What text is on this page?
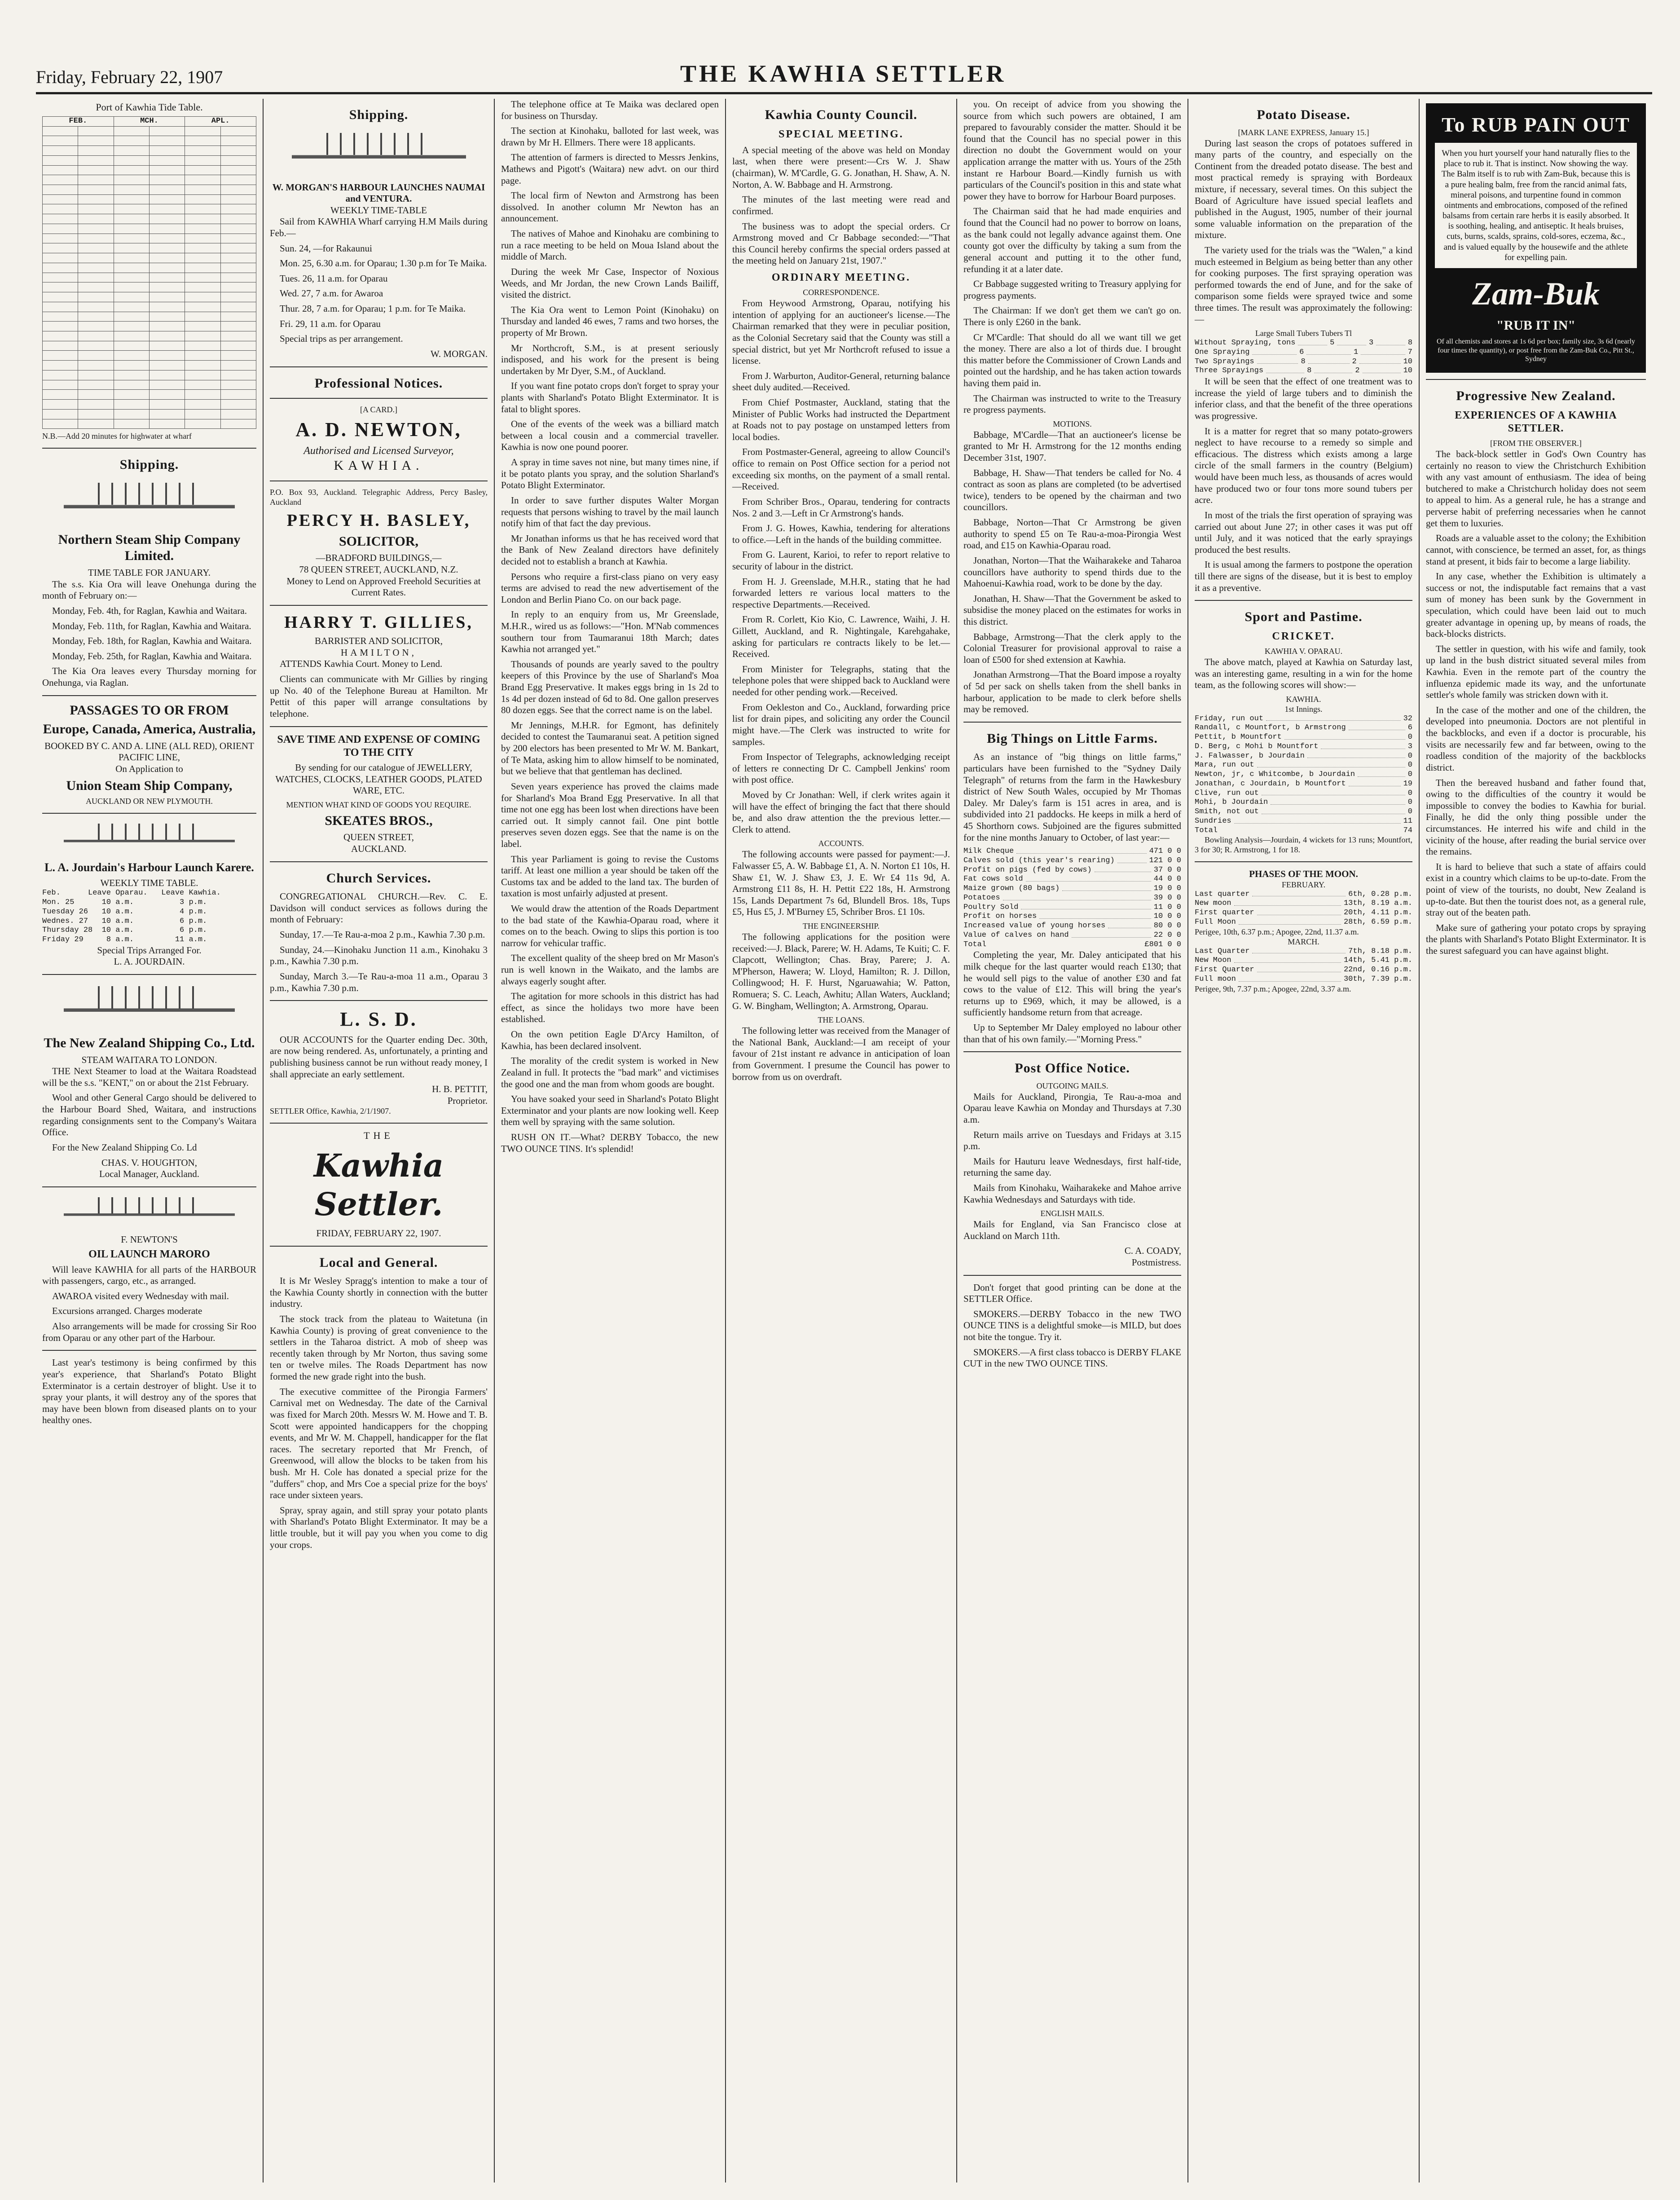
Friday, February 22, 1907	THE KAWHIA SETTLER
Port of Kawhia Tide Table.
FEB.		MCH.		APL.	

N.B.—Add 20 minutes for highwater at wharf
Shipping.
Northern Steam Ship Company Limited.
TIME TABLE FOR JANUARY.

The s.s. Kia Ora will leave Onehunga during the month of February on:—

Monday, Feb. 4th, for Raglan, Kawhia and Waitara.

Monday, Feb. 11th, for Raglan, Kawhia and Waitara.

Monday, Feb. 18th, for Raglan, Kawhia and Waitara.

Monday, Feb. 25th, for Raglan, Kawhia and Waitara.

The Kia Ora leaves every Thursday morning for Onehunga, via Raglan.

PASSAGES TO OR FROM
Europe, Canada, America, Australia,
BOOKED BY C. AND A. LINE (ALL RED), ORIENT PACIFIC LINE,
On Application to
Union Steam Ship Company,
AUCKLAND OR NEW PLYMOUTH.
L. A. Jourdain's Harbour Launch Karere.
WEEKLY TIME TABLE.
Feb.      Leave Oparau.   Leave Kawhia.
Mon. 25      10 a.m.          3 p.m.
Tuesday 26   10 a.m.          4 p.m.
Wednes. 27   10 a.m.          6 p.m.
Thursday 28  10 a.m.          6 p.m.
Friday 29     8 a.m.         11 a.m.
Special Trips Arranged For.
L. A. JOURDAIN.
The New Zealand Shipping Co., Ltd.
STEAM WAITARA TO LONDON.

THE Next Steamer to load at the Waitara Roadstead will be the s.s. "KENT," on or about the 21st February.

Wool and other General Cargo should be delivered to the Harbour Board Shed, Waitara, and instructions regarding consignments sent to the Company's Waitara Office.

For the New Zealand Shipping Co. Ld

CHAS. V. HOUGHTON,
Local Manager, Auckland.
F. NEWTON'S
OIL LAUNCH MARORO

Will leave KAWHIA for all parts of the HARBOUR with passengers, cargo, etc., as arranged.

AWAROA visited every Wednesday with mail.

Excursions arranged. Charges moderate

Also arrangements will be made for crossing Sir Roo from Oparau or any other part of the Harbour.

Last year's testimony is being confirmed by this year's experience, that Sharland's Potato Blight Exterminator is a certain destroyer of blight. Use it to spray your plants, it will destroy any of the spores that may have been blown from diseased plants on to your healthy ones.

Shipping.
W. MORGAN'S HARBOUR LAUNCHES NAUMAI and VENTURA.
WEEKLY TIME-TABLE

Sail from KAWHIA Wharf carrying H.M Mails during Feb.—

Sun. 24, —for Rakaunui

Mon. 25, 6.30 a.m. for Oparau; 1.30 p.m for Te Maika.

Tues. 26, 11 a.m. for Oparau

Wed. 27, 7 a.m. for Awaroa

Thur. 28, 7 a.m. for Oparau; 1 p.m. for Te Maika.

Fri. 29, 11 a.m. for Oparau

Special trips as per arrangement.

W. MORGAN.
Professional Notices.
[A CARD.]
A. D. NEWTON,
Authorised and Licensed Surveyor,
KAWHIA.
P.O. Box 93, Auckland. Telegraphic Address, Percy Basley, Auckland
PERCY H. BASLEY,
SOLICITOR,
—BRADFORD BUILDINGS,—
78 QUEEN STREET, AUCKLAND, N.Z.

Money to Lend on Approved Freehold Securities at Current Rates.

HARRY T. GILLIES,
BARRISTER AND SOLICITOR,
HAMILTON,

ATTENDS Kawhia Court. Money to Lend.

Clients can communicate with Mr Gillies by ringing up No. 40 of the Telephone Bureau at Hamilton. Mr Pettit of this paper will arrange consultations by telephone.

SAVE TIME AND EXPENSE OF COMING TO THE CITY

By sending for our catalogue of JEWELLERY, WATCHES, CLOCKS, LEATHER GOODS, PLATED WARE, ETC.

MENTION WHAT KIND OF GOODS YOU REQUIRE.
SKEATES BROS.,
QUEEN STREET,
AUCKLAND.
Church Services.

CONGREGATIONAL CHURCH.—Rev. C. E. Davidson will conduct services as follows during the month of February:

Sunday, 17.—Te Rau-a-moa 2 p.m., Kawhia 7.30 p.m.

Sunday, 24.—Kinohaku Junction 11 a.m., Kinohaku 3 p.m., Kawhia 7.30 p.m.

Sunday, March 3.—Te Rau-a-moa 11 a.m., Oparau 3 p.m., Kawhia 7.30 p.m.

L. S. D.

OUR ACCOUNTS for the Quarter ending Dec. 30th, are now being rendered. As, unfortunately, a printing and publishing business cannot be run without ready money, I shall appreciate an early settlement.

H. B. PETTIT,
Proprietor.
SETTLER Office, Kawhia, 2/1/1907.
THE
Kawhia Settler.
FRIDAY, FEBRUARY 22, 1907.
Local and General.

It is Mr Wesley Spragg's intention to make a tour of the Kawhia County shortly in connection with the butter industry.

The stock track from the plateau to Waitetuna (in Kawhia County) is proving of great convenience to the settlers in the Taharoa district. A mob of sheep was recently taken through by Mr Norton, thus saving some ten or twelve miles. The Roads Department has now formed the new grade right into the bush.

The executive committee of the Pirongia Farmers' Carnival met on Wednesday. The date of the Carnival was fixed for March 20th. Messrs W. M. Howe and T. B. Scott were appointed handicappers for the chopping events, and Mr W. M. Chappell, handicapper for the flat races. The secretary reported that Mr French, of Greenwood, will allow the blocks to be taken from his bush. Mr H. Cole has donated a special prize for the "duffers" chop, and Mrs Coe a special prize for the boys' race under sixteen years.

Spray, spray again, and still spray your potato plants with Sharland's Potato Blight Exterminator. It may be a little trouble, but it will pay you when you come to dig your crops.

The telephone office at Te Maika was declared open for business on Thursday.

The section at Kinohaku, balloted for last week, was drawn by Mr H. Ellmers. There were 18 applicants.

The attention of farmers is directed to Messrs Jenkins, Mathews and Pigott's (Waitara) new advt. on our third page.

The local firm of Newton and Armstrong has been dissolved. In another column Mr Newton has an announcement.

The natives of Mahoe and Kinohaku are combining to run a race meeting to be held on Moua Island about the middle of March.

During the week Mr Case, Inspector of Noxious Weeds, and Mr Jordan, the new Crown Lands Bailiff, visited the district.

The Kia Ora went to Lemon Point (Kinohaku) on Thursday and landed 46 ewes, 7 rams and two horses, the property of Mr Brown.

Mr Northcroft, S.M., is at present seriously indisposed, and his work for the present is being undertaken by Mr Dyer, S.M., of Auckland.

If you want fine potato crops don't forget to spray your plants with Sharland's Potato Blight Exterminator. It is fatal to blight spores.

One of the events of the week was a billiard match between a local cousin and a commercial traveller. Kawhia is now one pound poorer.

A spray in time saves not nine, but many times nine, if it be potato plants you spray, and the solution Sharland's Potato Blight Exterminator.

In order to save further disputes Walter Morgan requests that persons wishing to travel by the mail launch notify him of that fact the day previous.

Mr Jonathan informs us that he has received word that the Bank of New Zealand directors have definitely decided not to establish a branch at Kawhia.

Persons who require a first-class piano on very easy terms are advised to read the new advertisement of the London and Berlin Piano Co. on our back page.

In reply to an enquiry from us, Mr Greenslade, M.H.R., wired us as follows:—"Hon. M'Nab commences southern tour from Taumaranui 18th March; dates Kawhia not arranged yet."

Thousands of pounds are yearly saved to the poultry keepers of this Province by the use of Sharland's Moa Brand Egg Preservative. It makes eggs bring in 1s 2d to 1s 4d per dozen instead of 6d to 8d. One gallon preserves 80 dozen eggs. See that the correct name is on the label.

Mr Jennings, M.H.R. for Egmont, has definitely decided to contest the Taumaranui seat. A petition signed by 200 electors has been presented to Mr W. M. Bankart, of Te Mata, asking him to allow himself to be nominated, but we believe that that gentleman has declined.

Seven years experience has proved the claims made for Sharland's Moa Brand Egg Preservative. In all that time not one egg has been lost when directions have been carried out. It simply cannot fail. One pint bottle preserves seven dozen eggs. See that the name is on the label.

This year Parliament is going to revise the Customs tariff. At least one million a year should be taken off the Customs tax and be added to the land tax. The burden of taxation is most unfairly adjusted at present.

We would draw the attention of the Roads Department to the bad state of the Kawhia-Oparau road, where it comes on to the beach. Owing to slips this portion is too narrow for vehicular traffic.

The excellent quality of the sheep bred on Mr Mason's run is well known in the Waikato, and the lambs are always eagerly sought after.

The agitation for more schools in this district has had effect, as since the holidays two more have been established.

On the own petition Eagle D'Arcy Hamilton, of Kawhia, has been declared insolvent.

The morality of the credit system is worked in New Zealand in full. It protects the "bad mark" and victimises the good one and the man from whom goods are bought.

You have soaked your seed in Sharland's Potato Blight Exterminator and your plants are now looking well. Keep them well by spraying with the same solution.

RUSH ON IT.—What? DERBY Tobacco, the new TWO OUNCE TINS. It's splendid!

Kawhia County Council.
SPECIAL MEETING.

A special meeting of the above was held on Monday last, when there were present:—Crs W. J. Shaw (chairman), W. M'Cardle, G. G. Jonathan, H. Shaw, A. N. Norton, A. W. Babbage and H. Armstrong.

The minutes of the last meeting were read and confirmed.

The business was to adopt the special orders. Cr Armstrong moved and Cr Babbage seconded:—"That this Council hereby confirms the special orders passed at the meeting held on January 21st, 1907."

ORDINARY MEETING.
CORRESPONDENCE.

From Heywood Armstrong, Oparau, notifying his intention of applying for an auctioneer's license.—The Chairman remarked that they were in peculiar position, as the Colonial Secretary said that the County was still a special district, but yet Mr Northcroft refused to issue a license.

From J. Warburton, Auditor-General, returning balance sheet duly audited.—Received.

From Chief Postmaster, Auckland, stating that the Minister of Public Works had instructed the Department at Roads not to pay postage on unstamped letters from local bodies.

From Postmaster-General, agreeing to allow Council's office to remain on Post Office section for a period not exceeding six months, on the payment of a small rental.—Received.

From Schriber Bros., Oparau, tendering for contracts Nos. 2 and 3.—Left in Cr Armstrong's hands.

From J. G. Howes, Kawhia, tendering for alterations to office.—Left in the hands of the building committee.

From G. Laurent, Karioi, to refer to report relative to security of labour in the district.

From H. J. Greenslade, M.H.R., stating that he had forwarded letters re various local matters to the respective Departments.—Received.

From R. Corlett, Kio Kio, C. Lawrence, Waihi, J. H. Gillett, Auckland, and R. Nightingale, Karehgahake, asking for particulars re contracts likely to be let.—Received.

From Minister for Telegraphs, stating that the telephone poles that were shipped back to Auckland were needed for other pending work.—Received.

From Oekleston and Co., Auckland, forwarding price list for drain pipes, and soliciting any order the Council might have.—The Clerk was instructed to write for samples.

From Inspector of Telegraphs, acknowledging receipt of letters re connecting Dr C. Campbell Jenkins' room with post office.

Moved by Cr Jonathan: Well, if clerk writes again it will have the effect of bringing the fact that there should be, and also draw attention the the previous letter.—Clerk to attend.

ACCOUNTS.

The following accounts were passed for payment:—J. Falwasser £5, A. W. Babbage £1, A. N. Norton £1 10s, H. Shaw £1, W. J. Shaw £3, J. E. Wr £4 11s 9d, A. Armstrong £11 8s, H. H. Pettit £22 18s, H. Armstrong 15s, Lands Department 7s 6d, Blundell Bros. 18s, Tups £5, Hus £5, J. M'Burney £5, Schriber Bros. £1 10s.

THE ENGINEERSHIP.

The following applications for the position were received:—J. Black, Parere; W. H. Adams, Te Kuiti; C. F. Clapcott, Wellington; Chas. Bray, Parere; J. A. M'Pherson, Hawera; W. Lloyd, Hamilton; R. J. Dillon, Collingwood; H. F. Hurst, Ngaruawahia; W. Patton, Romuera; S. C. Leach, Awhitu; Allan Waters, Auckland; G. W. Bingham, Wellington; A. Armstrong, Oparau.

THE LOANS.

The following letter was received from the Manager of the National Bank, Auckland:—I am receipt of your favour of 21st instant re advance in anticipation of loan from Government. I presume the Council has power to borrow from us on overdraft.

you. On receipt of advice from you showing the source from which such powers are obtained, I am prepared to favourably consider the matter. Should it be found that the Council has no special power in this direction no doubt the Government would on your application arrange the matter with us. Yours of the 25th instant re Harbour Board.—Kindly furnish us with particulars of the Council's position in this and state what power they have to borrow for Harbour Board purposes.

The Chairman said that he had made enquiries and found that the Council had no power to borrow on loans, as the bank could not legally advance against them. One county got over the difficulty by taking a sum from the general account and putting it to the other fund, refunding it at a later date.

Cr Babbage suggested writing to Treasury applying for progress payments.

The Chairman: If we don't get them we can't go on. There is only £260 in the bank.

Cr M'Cardle: That should do all we want till we get the money. There are also a lot of thirds due. I brought this matter before the Commissioner of Crown Lands and pointed out the hardship, and he has taken action towards having them paid in.

The Chairman was instructed to write to the Treasury re progress payments.

MOTIONS.

Babbage, M'Cardle—That an auctioneer's license be granted to Mr H. Armstrong for the 12 months ending December 31st, 1907.

Babbage, H. Shaw—That tenders be called for No. 4 contract as soon as plans are completed (to be advertised twice), tenders to be opened by the chairman and two councillors.

Babbage, Norton—That Cr Armstrong be given authority to spend £5 on Te Rau-a-moa-Pirongia West road, and £15 on Kawhia-Oparau road.

Jonathan, Norton—That the Waiharakeke and Taharoa councillors have authority to spend thirds due to the Mahoenui-Kawhia road, work to be done by the day.

Jonathan, H. Shaw—That the Government be asked to subsidise the money placed on the estimates for works in this district.

Babbage, Armstrong—That the clerk apply to the Colonial Treasurer for provisional approval to raise a loan of £500 for shed extension at Kawhia.

Jonathan Armstrong—That the Board impose a royalty of 5d per sack on shells taken from the shell banks in harbour, application to be made to clerk before shells may be removed.

Big Things on Little Farms.

As an instance of "big things on little farms," particulars have been furnished to the "Sydney Daily Telegraph" of returns from the farm in the Hawkesbury district of New South Wales, occupied by Mr Thomas Daley. Mr Daley's farm is 151 acres in area, and is subdivided into 21 paddocks. He keeps in milk a herd of 45 Shorthorn cows. Subjoined are the figures submitted for the nine months January to October, of last year:—

Milk Cheque	471 0 0
Calves sold (this year's rearing)	121 0 0
Profit on pigs (fed by cows)	37 0 0
Fat cows sold	44 0 0
Maize grown (80 bags)	19 0 0
Potatoes	39 0 0
Poultry Sold	11 0 0
Profit on horses	10 0 0
Increased value of young horses	80 0 0
Value of calves on hand	22 0 0
Total	£801 0 0

Completing the year, Mr. Daley anticipated that his milk cheque for the last quarter would reach £130; that he would sell pigs to the value of another £30 and fat cows to the value of £12. This will bring the year's returns up to £969, which, it may be allowed, is a sufficiently handsome return from that acreage.

Up to September Mr Daley employed no labour other than that of his own family.—"Morning Press."

Post Office Notice.
OUTGOING MAILS.

Mails for Auckland, Pirongia, Te Rau-a-moa and Oparau leave Kawhia on Monday and Thursdays at 7.30 a.m.

Return mails arrive on Tuesdays and Fridays at 3.15 p.m.

Mails for Hauturu leave Wednesdays, first half-tide, returning the same day.

Mails from Kinohaku, Waiharakeke and Mahoe arrive Kawhia Wednesdays and Saturdays with tide.

ENGLISH MAILS.

Mails for England, via San Francisco close at Auckland on March 11th.

C. A. COADY,
Postmistress.

Don't forget that good printing can be done at the SETTLER Office.

SMOKERS.—DERBY Tobacco in the new TWO OUNCE TINS is a delightful smoke—is MILD, but does not bite the tongue. Try it.

SMOKERS.—A first class tobacco is DERBY FLAKE CUT in the new TWO OUNCE TINS.

Potato Disease.
[MARK LANE EXPRESS, January 15.]

During last season the crops of potatoes suffered in many parts of the country, and especially on the Continent from the dreaded potato disease. The best and most practical remedy is spraying with Bordeaux mixture, if necessary, several times. On this subject the Board of Agriculture have issued special leaflets and published in the August, 1905, number of their journal some valuable information on the preparation of the mixture.

The variety used for the trials was the "Walen," a kind much esteemed in Belgium as being better than any other for cooking purposes. The first spraying operation was performed towards the end of June, and for the sake of comparison some fields were sprayed twice and some three times. The result was approximately the following:—

Large Small Tubers Tubers Tl
Without Spraying, tons	5	3	8
One Spraying	6	1	7
Two Sprayings	8	2	10
Three Sprayings	8	2	10

It will be seen that the effect of one treatment was to increase the yield of large tubers and to diminish the inferior class, and that the benefit of the three operations was progressive.

It is a matter for regret that so many potato-growers neglect to have recourse to a remedy so simple and efficacious. The distress which exists among a large circle of the small farmers in the country (Belgium) would have been much less, as thousands of acres would have produced two or four tons more sound tubers per acre.

In most of the trials the first operation of spraying was carried out about June 27; in other cases it was put off until July, and it was noticed that the early sprayings produced the best results.

It is usual among the farmers to postpone the operation till there are signs of the disease, but it is best to employ it as a preventive.

Sport and Pastime.
CRICKET.
KAWHIA V. OPARAU.

The above match, played at Kawhia on Saturday last, was an interesting game, resulting in a win for the home team, as the following scores will show:—

KAWHIA.
1st Innings.
Friday, run out	32
Randall, c Mountfort, b Armstrong	6
Pettit, b Mountfort	0
D. Berg, c Mohi b Mountfort	3
J. Falwasser, b Jourdain	0
Mara, run out	0
Newton, jr, c Whitcombe, b Jourdain	0
Jonathan, c Jourdain, b Mountfort	19
Clive, run out	0
Mohi, b Jourdain	0
Smith, not out	0
Sundries	11
Total	74

Bowling Analysis—Jourdain, 4 wickets for 13 runs; Mountfort, 3 for 30; R. Armstrong, 1 for 18.

PHASES OF THE MOON.
FEBRUARY.
Last quarter	6th, 0.28 p.m.
New moon	13th, 8.19 a.m.
First quarter	20th, 4.11 p.m.
Full Moon	28th, 6.59 p.m.
Perigee, 10th, 6.37 p.m.; Apogee, 22nd, 11.37 a.m.
MARCH.
Last Quarter	7th, 8.18 p.m.
New Moon	14th, 5.41 p.m.
First Quarter	22nd, 0.16 p.m.
Full moon	30th, 7.39 p.m.
Perigee, 9th, 7.37 p.m.; Apogee, 22nd, 3.37 a.m.
To RUB PAIN OUT
When you hurt yourself your hand naturally flies to the place to rub it. That is instinct. Now showing the way. The Balm itself is to rub with Zam-Buk, because this is a pure healing balm, free from the rancid animal fats, mineral poisons, and turpentine found in common ointments and embrocations, composed of the refined balsams from certain rare herbs it is easily absorbed. It is soothing, healing, and antiseptic. It heals bruises, cuts, burns, scalds, sprains, cold-sores, eczema, &c., and is valued equally by the housewife and the athlete for expelling pain.
Zam-Buk
"RUB IT IN"
Of all chemists and stores at 1s 6d per box; family size, 3s 6d (nearly four times the quantity), or post free from the Zam-Buk Co., Pitt St., Sydney
Progressive New Zealand.
EXPERIENCES OF A KAWHIA SETTLER.
[FROM THE OBSERVER.]

The back-block settler in God's Own Country has certainly no reason to view the Christchurch Exhibition with any vast amount of enthusiasm. The idea of being butchered to make a Christchurch holiday does not seem to appeal to him. As a general rule, he has a strange and perverse habit of preferring necessaries when he cannot get them to luxuries.

Roads are a valuable asset to the colony; the Exhibition cannot, with conscience, be termed an asset, for, as things stand at present, it bids fair to become a large liability.

In any case, whether the Exhibition is ultimately a success or not, the indisputable fact remains that a vast sum of money has been sunk by the Government in speculation, which could have been laid out to much greater advantage in opening up, by means of roads, the back-blocks districts.

The settler in question, with his wife and family, took up land in the bush district situated several miles from Kawhia. Even in the remote part of the country the influenza epidemic made its way, and the unfortunate settler's whole family was stricken down with it.

In the case of the mother and one of the children, the developed into pneumonia. Doctors are not plentiful in the backblocks, and even if a doctor is procurable, his visits are necessarily few and far between, owing to the roadless condition of the majority of the backblocks district.

Then the bereaved husband and father found that, owing to the difficulties of the country it would be impossible to convey the bodies to Kawhia for burial. Finally, he did the only thing possible under the circumstances. He interred his wife and child in the vicinity of the house, after reading the burial service over the remains.

It is hard to believe that such a state of affairs could exist in a country which claims to be up-to-date. From the point of view of the tourists, no doubt, New Zealand is up-to-date. But then the tourist does not, as a general rule, stray out of the beaten path.

Make sure of gathering your potato crops by spraying the plants with Sharland's Potato Blight Exterminator. It is the surest safeguard you can have against blight.
